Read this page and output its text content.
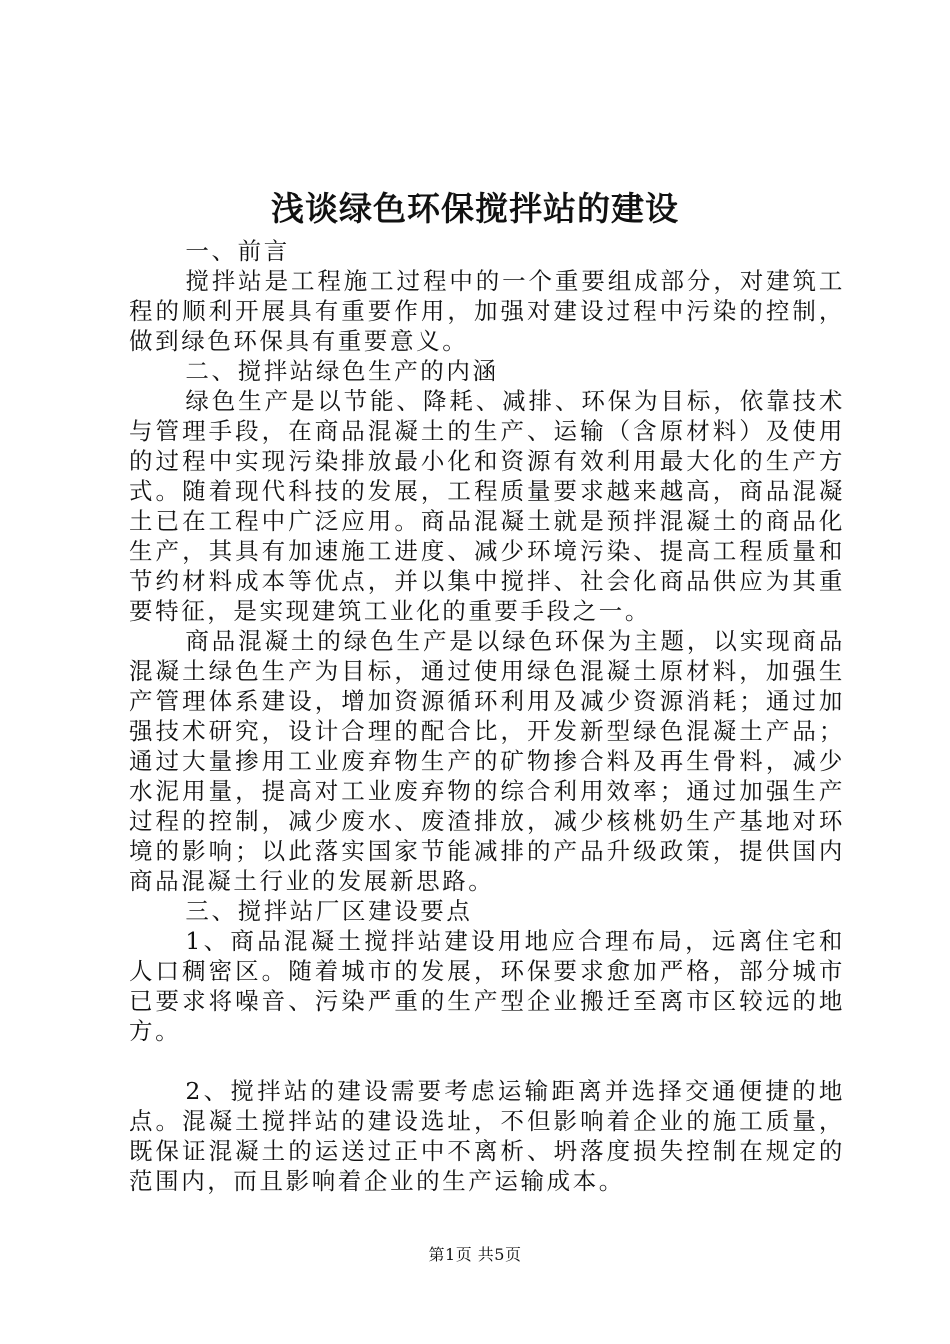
浅谈绿色环保搅拌站的建设

一、前言

搅拌站是工程施工过程中的一个重要组成部分，对建筑工程的顺利开展具有重要作用，加强对建设过程中污染的控制，做到绿色环保具有重要意义。

二、搅拌站绿色生产的内涵

绿色生产是以节能、降耗、减排、环保为目标，依靠技术与管理手段，在商品混凝土的生产、运输（含原材料）及使用的过程中实现污染排放最小化和资源有效利用最大化的生产方式。随着现代科技的发展，工程质量要求越来越高，商品混凝土已在工程中广泛应用。商品混凝土就是预拌混凝土的商品化生产，其具有加速施工进度、减少环境污染、提高工程质量和节约材料成本等优点，并以集中搅拌、社会化商品供应为其重要特征，是实现建筑工业化的重要手段之一。

商品混凝土的绿色生产是以绿色环保为主题，以实现商品混凝土绿色生产为目标，通过使用绿色混凝土原材料，加强生产管理体系建设，增加资源循环利用及减少资源消耗；通过加强技术研究，设计合理的配合比，开发新型绿色混凝土产品；通过大量掺用工业废弃物生产的矿物掺合料及再生骨料，减少水泥用量，提高对工业废弃物的综合利用效率；通过加强生产过程的控制，减少废水、废渣排放，减少核桃奶生产基地对环境的影响；以此落实国家节能减排的产品升级政策，提供国内商品混凝土行业的发展新思路。

三、搅拌站厂区建设要点

1、商品混凝土搅拌站建设用地应合理布局，远离住宅和人口稠密区。随着城市的发展，环保要求愈加严格，部分城市已要求将噪音、污染严重的生产型企业搬迁至离市区较远的地方。

2、搅拌站的建设需要考虑运输距离并选择交通便捷的地点。混凝土搅拌站的建设选址，不但影响着企业的施工质量，既保证混凝土的运送过正中不离析、坍落度损失控制在规定的范围内，而且影响着企业的生产运输成本。

第1页 共5页
